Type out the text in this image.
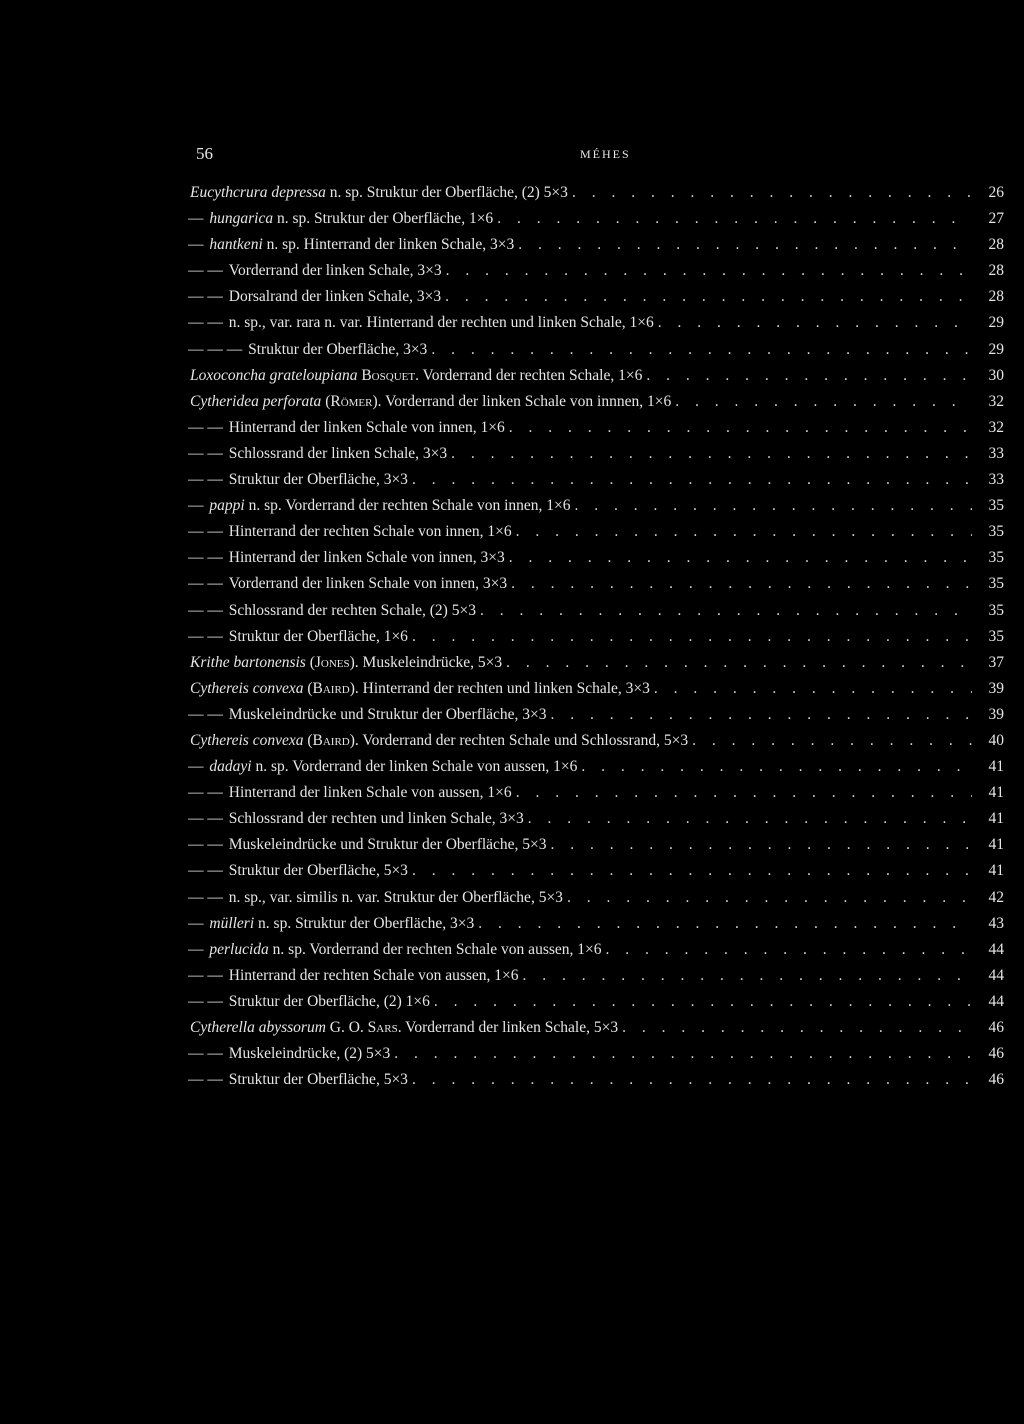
56	MÉHES
Eucythcrura depressa n. sp. Struktur der Oberfläche, (2) 5×3 . . .	26
— hungarica n. sp. Struktur der Oberfläche, 1×6 . . .	27
— hantkeni n. sp. Hinterrand der linken Schale, 3×3 . . .	28
— — Vorderrand der linken Schale, 3×3 . . .	28
— — Dorsalrand der linken Schale, 3×3 . . .	28
— — n. sp., var. rara n. var. Hinterrand der rechten und linken Schale, 1×6 . . .	29
— — — Struktur der Oberfläche, 3×3 . . .	29
Loxoconcha grateloupiana Bosquet. Vorderrand der rechten Schale, 1×6 . . .	30
Cytheridea perforata (Römer). Vorderrand der linken Schale von innnen, 1×6 . . .	32
— — Hinterrand der linken Schale von innen, 1×6 . . .	32
— — Schlossrand der linken Schale, 3×3 . . .	33
— — Struktur der Oberfläche, 3×3 . . .	33
— pappi n. sp. Vorderrand der rechten Schale von innen, 1×6 . . .	35
— — Hinterrand der rechten Schale von innen, 1×6 . . .	35
— — Hinterrand der linken Schale von innen, 3×3 . . .	35
— — Vorderrand der linken Schale von innen, 3×3 . . .	35
— — Schlossrand der rechten Schale, (2) 5×3 . . .	35
— — Struktur der Oberfläche, 1×6 . . .	35
Krithe bartonensis (Jones). Muskeleindrücke, 5×3 . . .	37
Cythereis convexa (Baird). Hinterrand der rechten und linken Schale, 3×3 . . .	39
— — Muskeleindrücke und Struktur der Oberfläche, 3×3 . . .	39
Cythereis convexa (Baird). Vorderrand der rechten Schale und Schlossrand, 5×3 . . .	40
— dadayi n. sp. Vorderrand der linken Schale von aussen, 1×6 . . .	41
— — Hinterrand der linken Schale von aussen, 1×6 . . .	41
— — Schlossrand der rechten und linken Schale, 3×3 . . .	41
— — Muskeleindrücke und Struktur der Oberfläche, 5×3 . . .	41
— — Struktur der Oberfläche, 5×3 . . .	41
— — n. sp., var. similis n. var. Struktur der Oberfläche, 5×3 . . .	42
— mülleri n. sp. Struktur der Oberfläche, 3×3 . . .	43
— perlucida n. sp. Vorderrand der rechten Schale von aussen, 1×6 . . .	44
— — Hinterrand der rechten Schale von aussen, 1×6 . . .	44
— — Struktur der Oberfläche, (2) 1×6 . . .	44
Cytherella abyssorum G. O. Sars. Vorderrand der linken Schale, 5×3 . . .	46
— — Muskeleindrücke, (2) 5×3 . . .	46
— — Struktur der Oberfläche, 5×3 . . .	46
